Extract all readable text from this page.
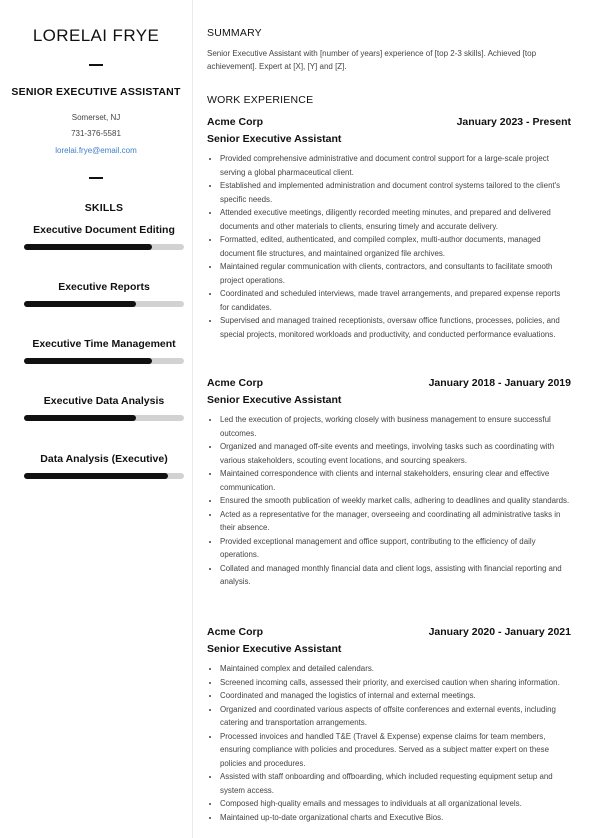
LORELAI FRYE
SENIOR EXECUTIVE ASSISTANT
Somerset, NJ
731-376-5581
lorelai.frye@email.com
SKILLS
Executive Document Editing
Executive Reports
Executive Time Management
Executive Data Analysis
Data Analysis (Executive)
SUMMARY
Senior Executive Assistant with [number of years] experience of [top 2-3 skills]. Achieved [top achievement]. Expert at [X], [Y] and [Z].
WORK EXPERIENCE
Acme Corp	January 2023 - Present
Senior Executive Assistant
• Provided comprehensive administrative and document control support for a large-scale project serving a global pharmaceutical client.
• Established and implemented administration and document control systems tailored to the client's specific needs.
• Attended executive meetings, diligently recorded meeting minutes, and prepared and delivered documents and other materials to clients, ensuring timely and accurate delivery.
• Formatted, edited, authenticated, and compiled complex, multi-author documents, managed document file structures, and maintained organized file archives.
• Maintained regular communication with clients, contractors, and consultants to facilitate smooth project operations.
• Coordinated and scheduled interviews, made travel arrangements, and prepared expense reports for candidates.
• Supervised and managed trained receptionists, oversaw office functions, processes, policies, and special projects, monitored workloads and productivity, and conducted performance evaluations.
Acme Corp	January 2018 - January 2019
Senior Executive Assistant
• Led the execution of projects, working closely with business management to ensure successful outcomes.
• Organized and managed off-site events and meetings, involving tasks such as coordinating with various stakeholders, scouting event locations, and sourcing speakers.
• Maintained correspondence with clients and internal stakeholders, ensuring clear and effective communication.
• Ensured the smooth publication of weekly market calls, adhering to deadlines and quality standards.
• Acted as a representative for the manager, overseeing and coordinating all administrative tasks in their absence.
• Provided exceptional management and office support, contributing to the efficiency of daily operations.
• Collated and managed monthly financial data and client logs, assisting with financial reporting and analysis.
Acme Corp	January 2020 - January 2021
Senior Executive Assistant
• Maintained complex and detailed calendars.
• Screened incoming calls, assessed their priority, and exercised caution when sharing information.
• Coordinated and managed the logistics of internal and external meetings.
• Organized and coordinated various aspects of offsite conferences and external events, including catering and transportation arrangements.
• Processed invoices and handled T&E (Travel & Expense) expense claims for team members, ensuring compliance with policies and procedures. Served as a subject matter expert on these policies and procedures.
• Assisted with staff onboarding and offboarding, which included requesting equipment setup and system access.
• Composed high-quality emails and messages to individuals at all organizational levels.
• Maintained up-to-date organizational charts and Executive Bios.
